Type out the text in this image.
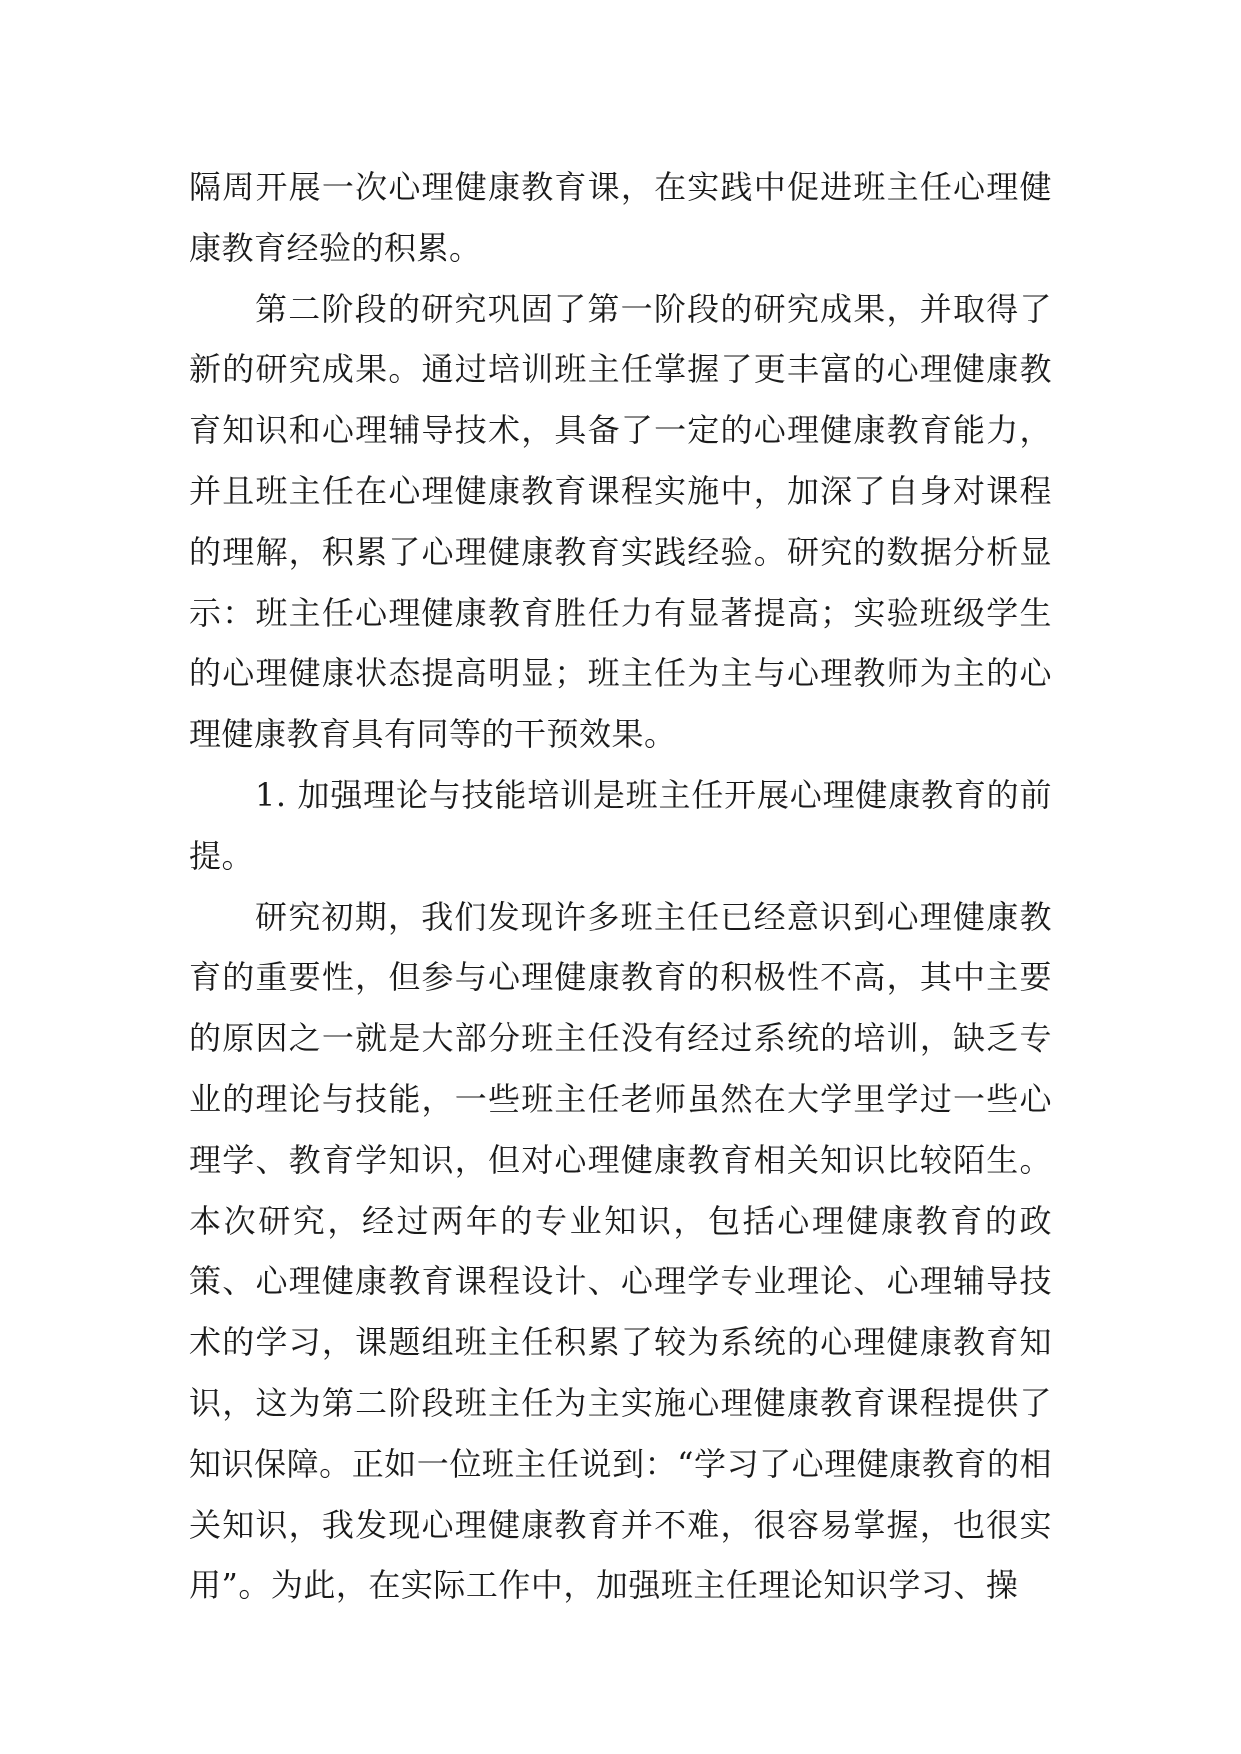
隔周开展一次心理健康教育课，在实践中促进班主任心理健康教育经验的积累。

第二阶段的研究巩固了第一阶段的研究成果，并取得了新的研究成果。通过培训班主任掌握了更丰富的心理健康教育知识和心理辅导技术，具备了一定的心理健康教育能力，并且班主任在心理健康教育课程实施中，加深了自身对课程的理解，积累了心理健康教育实践经验。研究的数据分析显示：班主任心理健康教育胜任力有显著提高；实验班级学生的心理健康状态提高明显；班主任为主与心理教师为主的心理健康教育具有同等的干预效果。

1. 加强理论与技能培训是班主任开展心理健康教育的前提。

研究初期，我们发现许多班主任已经意识到心理健康教育的重要性，但参与心理健康教育的积极性不高，其中主要的原因之一就是大部分班主任没有经过系统的培训，缺乏专业的理论与技能，一些班主任老师虽然在大学里学过一些心理学、教育学知识，但对心理健康教育相关知识比较陌生。本次研究，经过两年的专业知识，包括心理健康教育的政策、心理健康教育课程设计、心理学专业理论、心理辅导技术的学习，课题组班主任积累了较为系统的心理健康教育知识，这为第二阶段班主任为主实施心理健康教育课程提供了知识保障。正如一位班主任说到：“学习了心理健康教育的相关知识，我发现心理健康教育并不难，很容易掌握，也很实用”。为此，在实际工作中，加强班主任理论知识学习、操
